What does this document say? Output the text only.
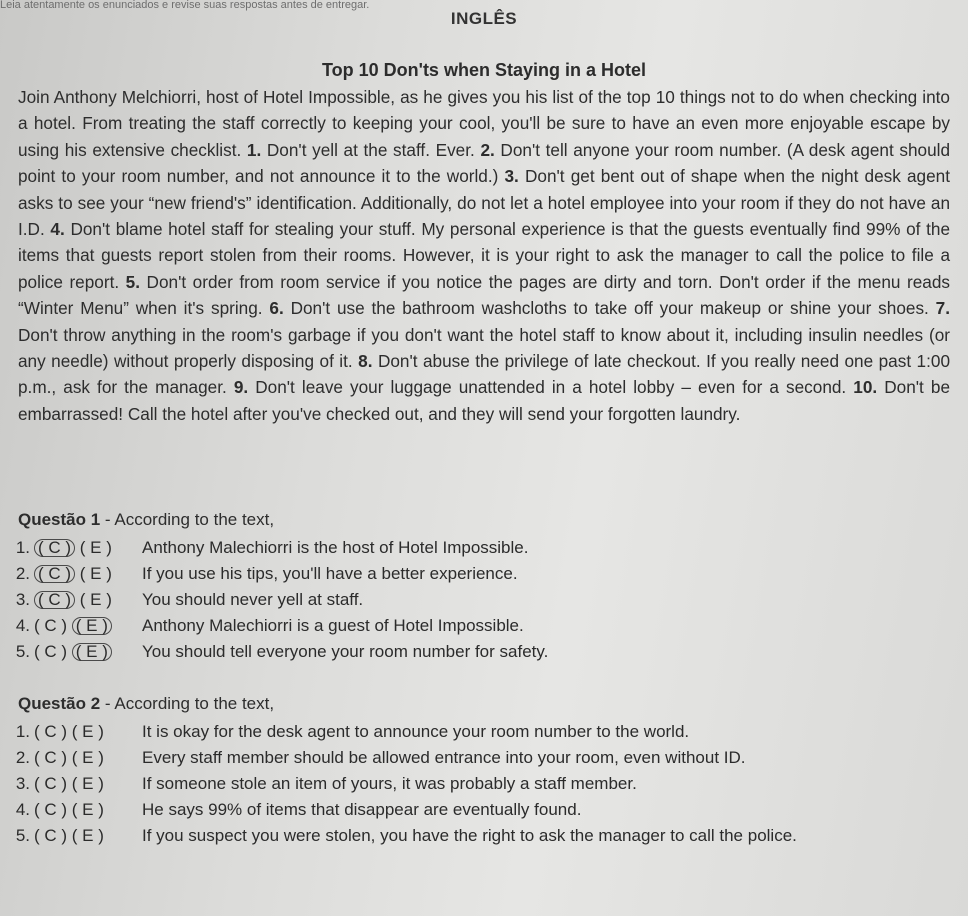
Leia atentamente os enunciados e revise suas respostas antes de entregar.
INGLÊS
Top 10 Don'ts when Staying in a Hotel
Join Anthony Melchiorri, host of Hotel Impossible, as he gives you his list of the top 10 things not to do when checking into a hotel. From treating the staff correctly to keeping your cool, you'll be sure to have an even more enjoyable escape by using his extensive checklist. 1. Don't yell at the staff. Ever. 2. Don't tell anyone your room number. (A desk agent should point to your room number, and not announce it to the world.) 3. Don't get bent out of shape when the night desk agent asks to see your “new friend's” identification. Additionally, do not let a hotel employee into your room if they do not have an I.D. 4. Don't blame hotel staff for stealing your stuff. My personal experience is that the guests eventually find 99% of the items that guests report stolen from their rooms. However, it is your right to ask the manager to call the police to file a police report. 5. Don't order from room service if you notice the pages are dirty and torn. Don't order if the menu reads “Winter Menu” when it's spring. 6. Don't use the bathroom washcloths to take off your makeup or shine your shoes. 7. Don't throw anything in the room's garbage if you don't want the hotel staff to know about it, including insulin needles (or any needle) without properly disposing of it. 8. Don't abuse the privilege of late checkout. If you really need one past 1:00 p.m., ask for the manager. 9. Don't leave your luggage unattended in a hotel lobby – even for a second. 10. Don't be embarrassed! Call the hotel after you've checked out, and they will send your forgotten laundry.
Questão 1 - According to the text,
1. ( C ) ( E )	Anthony Malechiorri is the host of Hotel Impossible.
2. ( C ) ( E )	If you use his tips, you'll have a better experience.
3. ( C ) ( E )	You should never yell at staff.
4. ( C ) ( E )	Anthony Malechiorri is a guest of Hotel Impossible.
5. ( C ) ( E )	You should tell everyone your room number for safety.
Questão 2 - According to the text,
1. ( C ) ( E )	It is okay for the desk agent to announce your room number to the world.
2. ( C ) ( E )	Every staff member should be allowed entrance into your room, even without ID.
3. ( C ) ( E )	If someone stole an item of yours, it was probably a staff member.
4. ( C ) ( E )	He says 99% of items that disappear are eventually found.
5. ( C ) ( E )	If you suspect you were stolen, you have the right to ask the manager to call the police.
